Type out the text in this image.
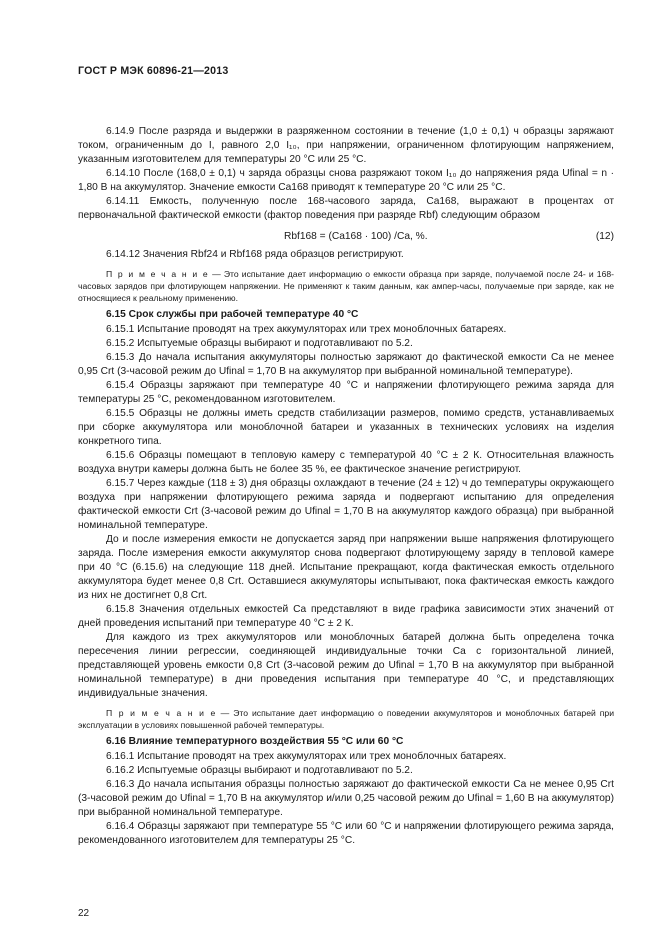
ГОСТ Р МЭК 60896-21—2013

6.14.9 После разряда и выдержки в разряженном состоянии в течение (1,0 ± 0,1) ч образцы заряжают током, ограниченным до I, равного 2,0 I₁₀, при напряжении, ограниченном флотирующим напряжением, указанным изготовителем для температуры 20 °С или 25 °С.

6.14.10 После (168,0 ± 0,1) ч заряда образцы снова разряжают током I₁₀ до напряжения ряда Ufinal = n · 1,80 В на аккумулятор. Значение емкости Ca168 приводят к температуре 20 °С или 25 °С.

6.14.11 Емкость, полученную после 168-часового заряда, Ca168, выражают в процентах от первоначальной фактической емкости (фактор поведения при разряде Rbf) следующим образом

Rbf168 = (Ca168 · 100) /Ca, %.	(12)

6.14.12 Значения Rbf24 и Rbf168 ряда образцов регистрируют.

П р и м е ч а н и е — Это испытание дает информацию о емкости образца при заряде, получаемой после 24- и 168-часовых зарядов при флотирующем напряжении. Не применяют к таким данным, как ампер-часы, получаемые при заряде, как не относящиеся к реальному применению.

6.15 Срок службы при рабочей температуре 40 °С

6.15.1 Испытание проводят на трех аккумуляторах или трех моноблочных батареях.

6.15.2 Испытуемые образцы выбирают и подготавливают по 5.2.

6.15.3 До начала испытания аккумуляторы полностью заряжают до фактической емкости Ca не менее 0,95 Crt (3-часовой режим до Ufinal = 1,70 В на аккумулятор при выбранной номинальной температуре).

6.15.4 Образцы заряжают при температуре 40 °С и напряжении флотирующего режима заряда для температуры 25 °С, рекомендованном изготовителем.

6.15.5 Образцы не должны иметь средств стабилизации размеров, помимо средств, устанавливаемых при сборке аккумулятора или моноблочной батареи и указанных в технических условиях на изделия конкретного типа.

6.15.6 Образцы помещают в тепловую камеру с температурой 40 °С ± 2 К. Относительная влажность воздуха внутри камеры должна быть не более 35 %, ее фактическое значение регистрируют.

6.15.7 Через каждые (118 ± 3) дня образцы охлаждают в течение (24 ± 12) ч до температуры окружающего воздуха при напряжении флотирующего режима заряда и подвергают испытанию для определения фактической емкости Crt (3-часовой режим до Ufinal = 1,70 В на аккумулятор каждого образца) при выбранной номинальной температуре.

До и после измерения емкости не допускается заряд при напряжении выше напряжения флотирующего заряда. После измерения емкости аккумулятор снова подвергают флотирующему заряду в тепловой камере при 40 °С (6.15.6) на следующие 118 дней. Испытание прекращают, когда фактическая емкость отдельного аккумулятора будет менее 0,8 Crt. Оставшиеся аккумуляторы испытывают, пока фактическая емкость каждого из них не достигнет 0,8 Crt.

6.15.8 Значения отдельных емкостей Ca представляют в виде графика зависимости этих значений от дней проведения испытаний при температуре 40 °С ± 2 К.

Для каждого из трех аккумуляторов или моноблочных батарей должна быть определена точка пересечения линии регрессии, соединяющей индивидуальные точки Ca с горизонтальной линией, представляющей уровень емкости 0,8 Crt (3-часовой режим до Ufinal = 1,70 В на аккумулятор при выбранной номинальной температуре) в дни проведения испытания при температуре 40 °С, и представляющих индивидуальные значения.

П р и м е ч а н и е — Это испытание дает информацию о поведении аккумуляторов и моноблочных батарей при эксплуатации в условиях повышенной рабочей температуры.

6.16 Влияние температурного воздействия 55 °С или 60 °С

6.16.1 Испытание проводят на трех аккумуляторах или трех моноблочных батареях.

6.16.2 Испытуемые образцы выбирают и подготавливают по 5.2.

6.16.3 До начала испытания образцы полностью заряжают до фактической емкости Ca не менее 0,95 Crt (3-часовой режим до Ufinal = 1,70 В на аккумулятор и/или 0,25 часовой режим до Ufinal = 1,60 В на аккумулятор) при выбранной номинальной температуре.

6.16.4 Образцы заряжают при температуре 55 °С или 60 °С и напряжении флотирующего режима заряда, рекомендованного изготовителем для температуры 25 °С.

22
